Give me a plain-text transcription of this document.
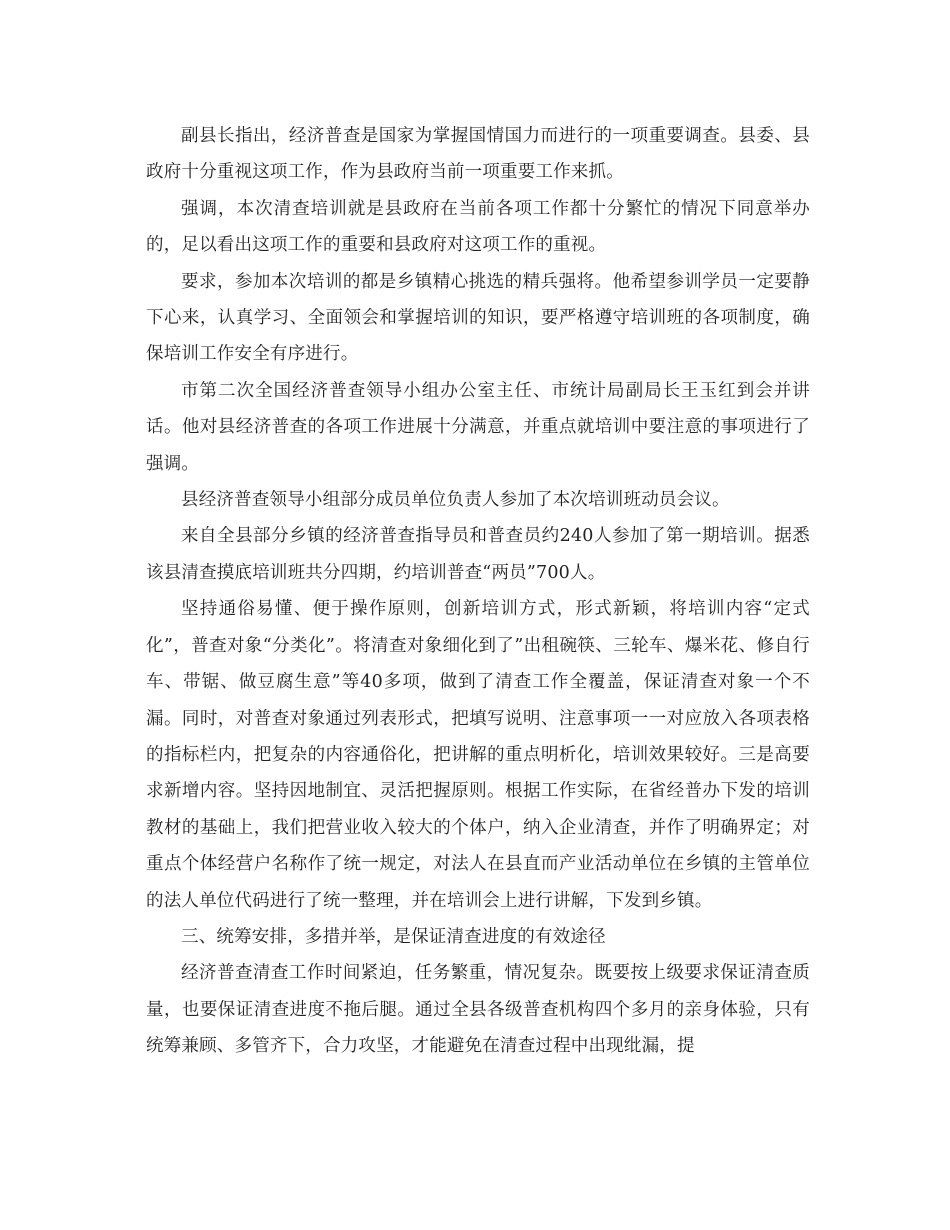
副县长指出，经济普查是国家为掌握国情国力而进行的一项重要调查。县委、县政府十分重视这项工作，作为县政府当前一项重要工作来抓。

强调，本次清查培训就是县政府在当前各项工作都十分繁忙的情况下同意举办的，足以看出这项工作的重要和县政府对这项工作的重视。

要求，参加本次培训的都是乡镇精心挑选的精兵强将。他希望参训学员一定要静下心来，认真学习、全面领会和掌握培训的知识，要严格遵守培训班的各项制度，确保培训工作安全有序进行。

市第二次全国经济普查领导小组办公室主任、市统计局副局长王玉红到会并讲话。他对县经济普查的各项工作进展十分满意，并重点就培训中要注意的事项进行了强调。

县经济普查领导小组部分成员单位负责人参加了本次培训班动员会议。

来自全县部分乡镇的经济普查指导员和普查员约240人参加了第一期培训。据悉该县清查摸底培训班共分四期，约培训普查“两员”700人。

坚持通俗易懂、便于操作原则，创新培训方式，形式新颖，将培训内容“定式化”，普查对象“分类化”。将清查对象细化到了”出租碗筷、三轮车、爆米花、修自行车、带锯、做豆腐生意”等40多项，做到了清查工作全覆盖，保证清查对象一个不漏。同时，对普查对象通过列表形式，把填写说明、注意事项一一对应放入各项表格的指标栏内，把复杂的内容通俗化，把讲解的重点明析化，培训效果较好。三是高要求新增内容。坚持因地制宜、灵活把握原则。根据工作实际，在省经普办下发的培训教材的基础上，我们把营业收入较大的个体户，纳入企业清查，并作了明确界定；对重点个体经营户名称作了统一规定，对法人在县直而产业活动单位在乡镇的主管单位的法人单位代码进行了统一整理，并在培训会上进行讲解，下发到乡镇。

三、统筹安排，多措并举，是保证清查进度的有效途径

经济普查清查工作时间紧迫，任务繁重，情况复杂。既要按上级要求保证清查质量，也要保证清查进度不拖后腿。通过全县各级普查机构四个多月的亲身体验，只有统筹兼顾、多管齐下，合力攻坚，才能避免在清查过程中出现纰漏，提
